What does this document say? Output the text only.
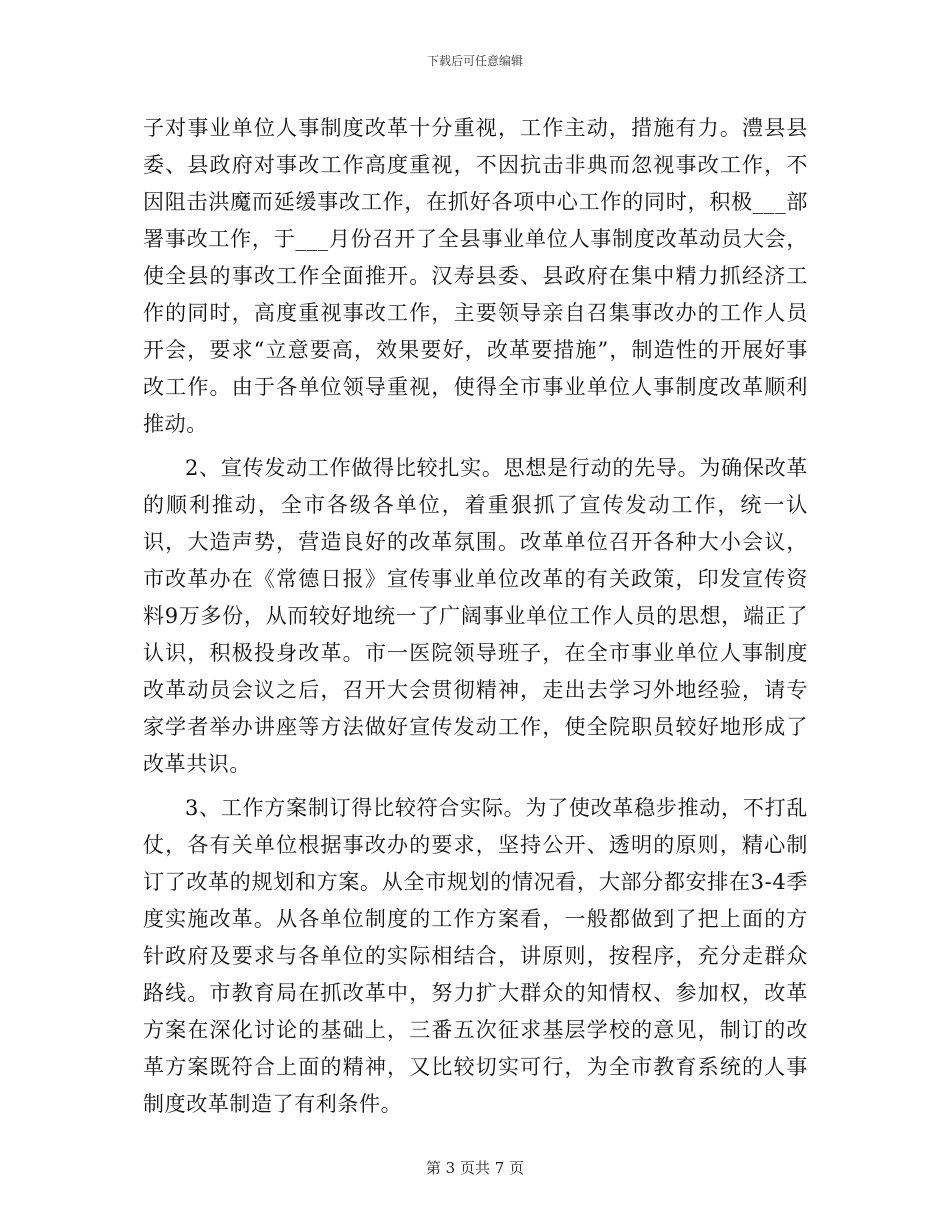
下载后可任意编辑

子对事业单位人事制度改革十分重视，工作主动，措施有力。澧县县委、县政府对事改工作高度重视，不因抗击非典而忽视事改工作，不因阻击洪魔而延缓事改工作，在抓好各项中心工作的同时，积极___部署事改工作，于___月份召开了全县事业单位人事制度改革动员大会，使全县的事改工作全面推开。汉寿县委、县政府在集中精力抓经济工作的同时，高度重视事改工作，主要领导亲自召集事改办的工作人员开会，要求“立意要高，效果要好，改革要措施”，制造性的开展好事改工作。由于各单位领导重视，使得全市事业单位人事制度改革顺利推动。

2、宣传发动工作做得比较扎实。思想是行动的先导。为确保改革的顺利推动，全市各级各单位，着重狠抓了宣传发动工作，统一认识，大造声势，营造良好的改革氛围。改革单位召开各种大小会议，市改革办在《常德日报》宣传事业单位改革的有关政策，印发宣传资料9万多份，从而较好地统一了广阔事业单位工作人员的思想，端正了认识，积极投身改革。市一医院领导班子，在全市事业单位人事制度改革动员会议之后，召开大会贯彻精神，走出去学习外地经验，请专家学者举办讲座等方法做好宣传发动工作，使全院职员较好地形成了改革共识。

3、工作方案制订得比较符合实际。为了使改革稳步推动，不打乱仗，各有关单位根据事改办的要求，坚持公开、透明的原则，精心制订了改革的规划和方案。从全市规划的情况看，大部分都安排在3-4季度实施改革。从各单位制度的工作方案看，一般都做到了把上面的方针政府及要求与各单位的实际相结合，讲原则，按程序，充分走群众路线。市教育局在抓改革中，努力扩大群众的知情权、参加权，改革方案在深化讨论的基础上，三番五次征求基层学校的意见，制订的改革方案既符合上面的精神，又比较切实可行，为全市教育系统的人事制度改革制造了有利条件。

第 3 页共 7 页
